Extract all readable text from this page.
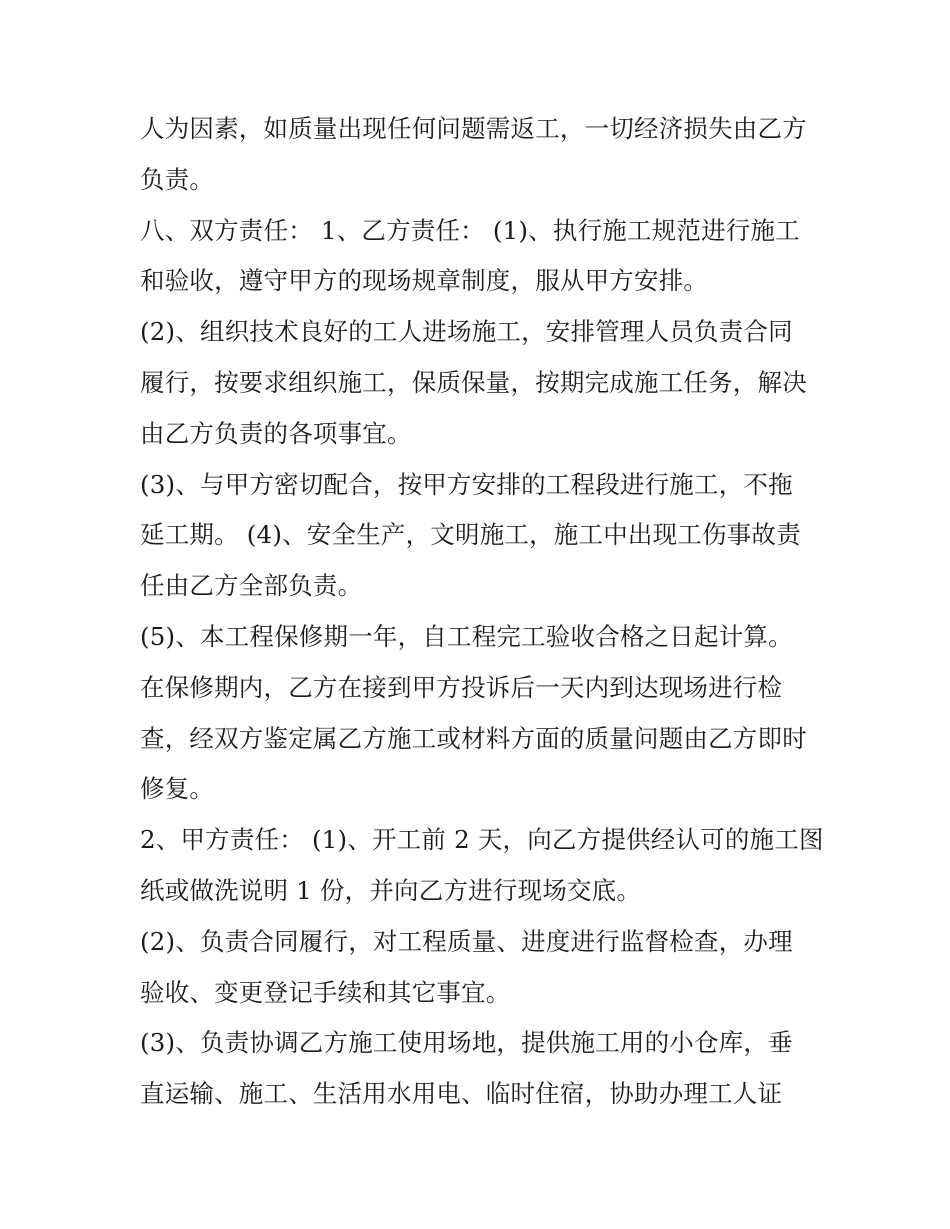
人为因素，如质量出现任何问题需返工，一切经济损失由乙方
负责。
八、双方责任： 1、乙方责任： (1)、执行施工规范进行施工
和验收，遵守甲方的现场规章制度，服从甲方安排。
(2)、组织技术良好的工人进场施工，安排管理人员负责合同
履行，按要求组织施工，保质保量，按期完成施工任务，解决
由乙方负责的各项事宜。
(3)、与甲方密切配合，按甲方安排的工程段进行施工，不拖
延工期。 (4)、安全生产，文明施工，施工中出现工伤事故责
任由乙方全部负责。
(5)、本工程保修期一年，自工程完工验收合格之日起计算。
在保修期内，乙方在接到甲方投诉后一天内到达现场进行检
查，经双方鉴定属乙方施工或材料方面的质量问题由乙方即时
修复。
2、甲方责任： (1)、开工前 2 天，向乙方提供经认可的施工图
纸或做洗说明 1 份，并向乙方进行现场交底。
(2)、负责合同履行，对工程质量、进度进行监督检查，办理
验收、变更登记手续和其它事宜。
(3)、负责协调乙方施工使用场地，提供施工用的小仓库，垂
直运输、施工、生活用水用电、临时住宿，协助办理工人证
